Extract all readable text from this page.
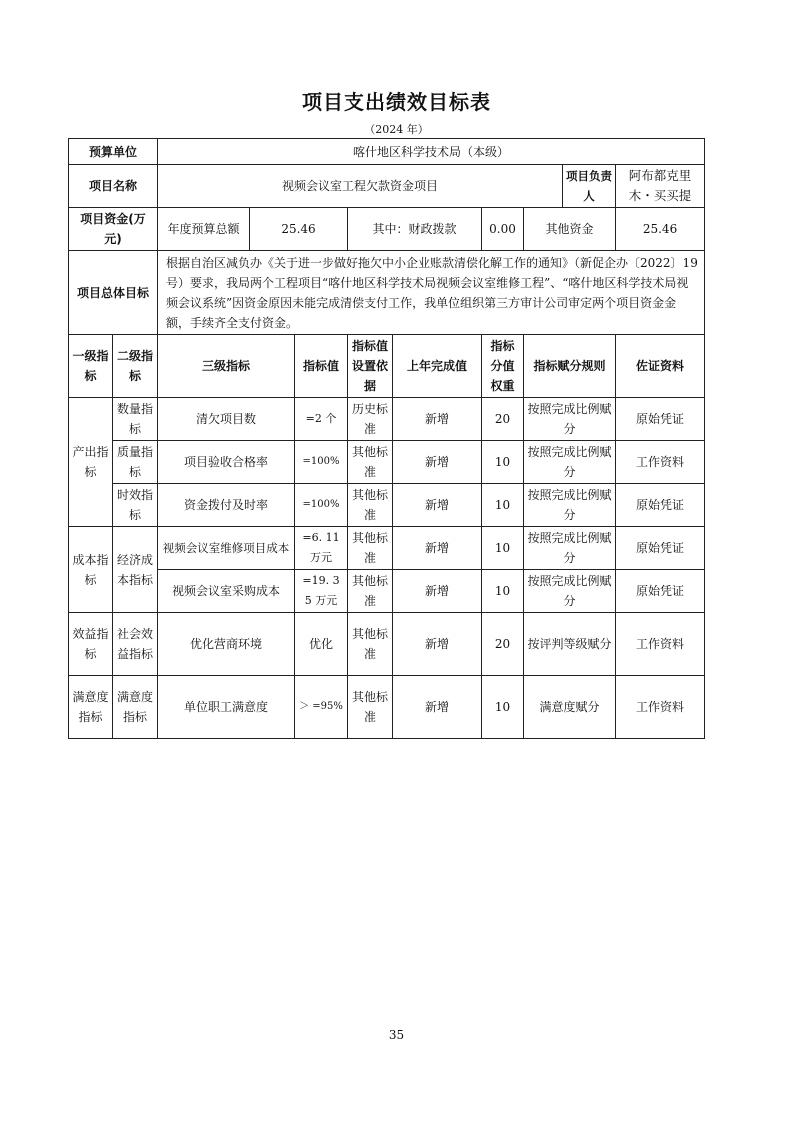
项目支出绩效目标表
（2024 年）
预算单位		喀什地区科学技术局（本级）								
项目名称		视频会议室工程欠款资金项目							项目负责人	阿布都克里木・买买提
项目资金(万元)		年度预算总额	25.46		其中：财政拨款		0.00	其他资金		25.46
项目总体目标		根据自治区减负办《关于进一步做好拖欠中小企业账款清偿化解工作的通知》（新促企办〔2022〕19号）要求，我局两个工程项目“喀什地区科学技术局视频会议室维修工程”、“喀什地区科学技术局视频会议系统”因资金原因未能完成清偿支付工作，我单位组织第三方审计公司审定两个项目资金金额，手续齐全支付资金。								
一级指标	二级指标	三级指标		指标值	指标值设置依据	上年完成值	指标分值权重	指标赋分规则		佐证资料
产出指标	数量指标	清欠项目数		=2 个	历史标准	新增	20	按照完成比例赋分		原始凭证
	质量指标	项目验收合格率		=100%	其他标准	新增	10	按照完成比例赋分		工作资料
	时效指标	资金拨付及时率		=100%	其他标准	新增	10	按照完成比例赋分		原始凭证
成本指标	经济成本指标	视频会议室维修项目成本		=6. 11 万元	其他标准	新增	10	按照完成比例赋分		原始凭证
		视频会议室采购成本		=19. 3 5 万元	其他标准	新增	10	按照完成比例赋分		原始凭证
效益指标	社会效益指标	优化营商环境		优化	其他标准	新增	20	按评判等级赋分		工作资料
满意度指标	满意度指标	单位职工满意度		＞ =95%	其他标准	新增	10	满意度赋分		工作资料
35
